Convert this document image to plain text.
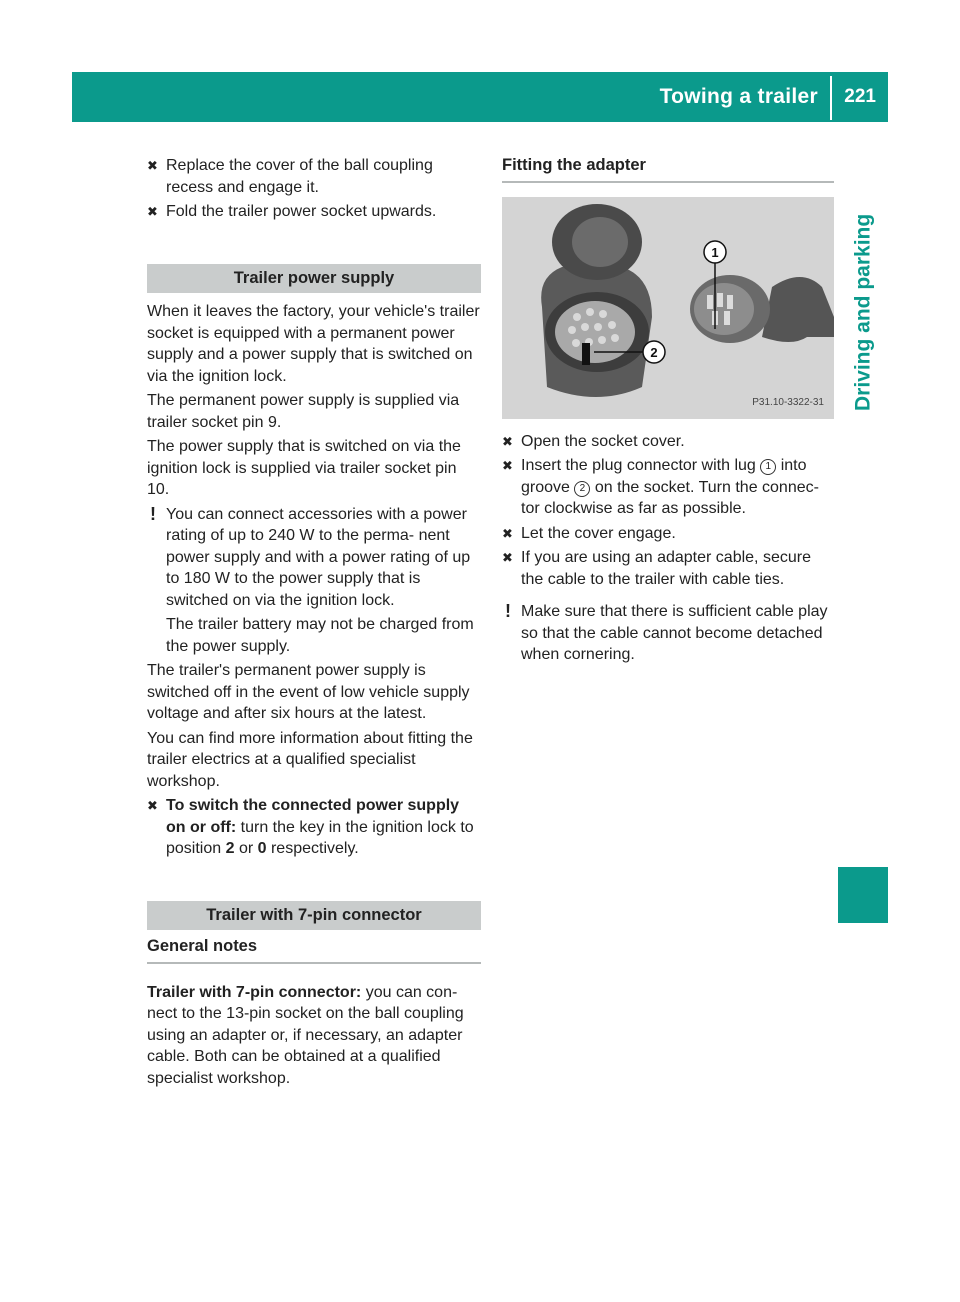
Towing a trailer 221
Driving and parking
✖ Replace the cover of the ball coupling recess and engage it.
✖ Fold the trailer power socket upwards.
Trailer power supply

When it leaves the factory, your vehicle's trailer socket is equipped with a permanent power supply and a power supply that is switched on via the ignition lock.

The permanent power supply is supplied via trailer socket pin 9.

The power supply that is switched on via the ignition lock is supplied via trailer socket pin 10.

! You can connect accessories with a power rating of up to 240 W to the perma- nent power supply and with a power rating of up to 180 W to the power supply that is switched on via the ignition lock.

The trailer battery may not be charged from the power supply.

The trailer's permanent power supply is switched off in the event of low vehicle supply voltage and after six hours at the latest.

You can find more information about fitting the trailer electrics at a qualified specialist workshop.

✖ To switch the connected power supply on or off: turn the key in the ignition lock to position 2 or 0 respectively.
Trailer with 7-pin connector
General notes

Trailer with 7-pin connector: you can con- nect to the 13-pin socket on the ball coupling using an adapter or, if necessary, an adapter cable. Both can be obtained at a qualified specialist workshop.

Fitting the adapter
2
1
P31.10-3322-31
✖ Open the socket cover.
✖ Insert the plug connector with lug 1 into groove 2 on the socket. Turn the connec- tor clockwise as far as possible.
✖ Let the cover engage.
✖ If you are using an adapter cable, secure the cable to the trailer with cable ties.
! Make sure that there is sufficient cable play so that the cable cannot become detached when cornering.
